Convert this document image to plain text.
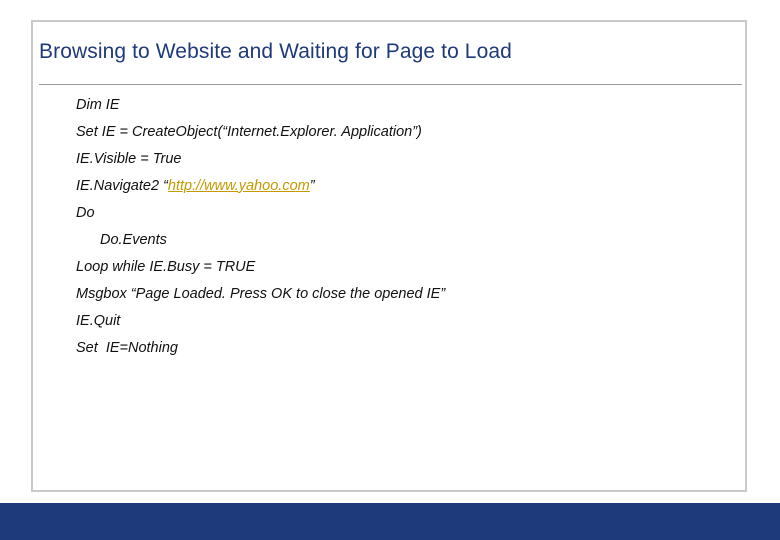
Browsing to Website and Waiting for Page to Load
Dim IE
Set IE = CreateObject(“Internet.Explorer. Application”)
IE.Visible = True
IE.Navigate2 “http://www.yahoo.com”
Do
Do.Events
Loop while IE.Busy = TRUE
Msgbox “Page Loaded. Press OK to close the opened IE”
IE.Quit
Set  IE=Nothing
